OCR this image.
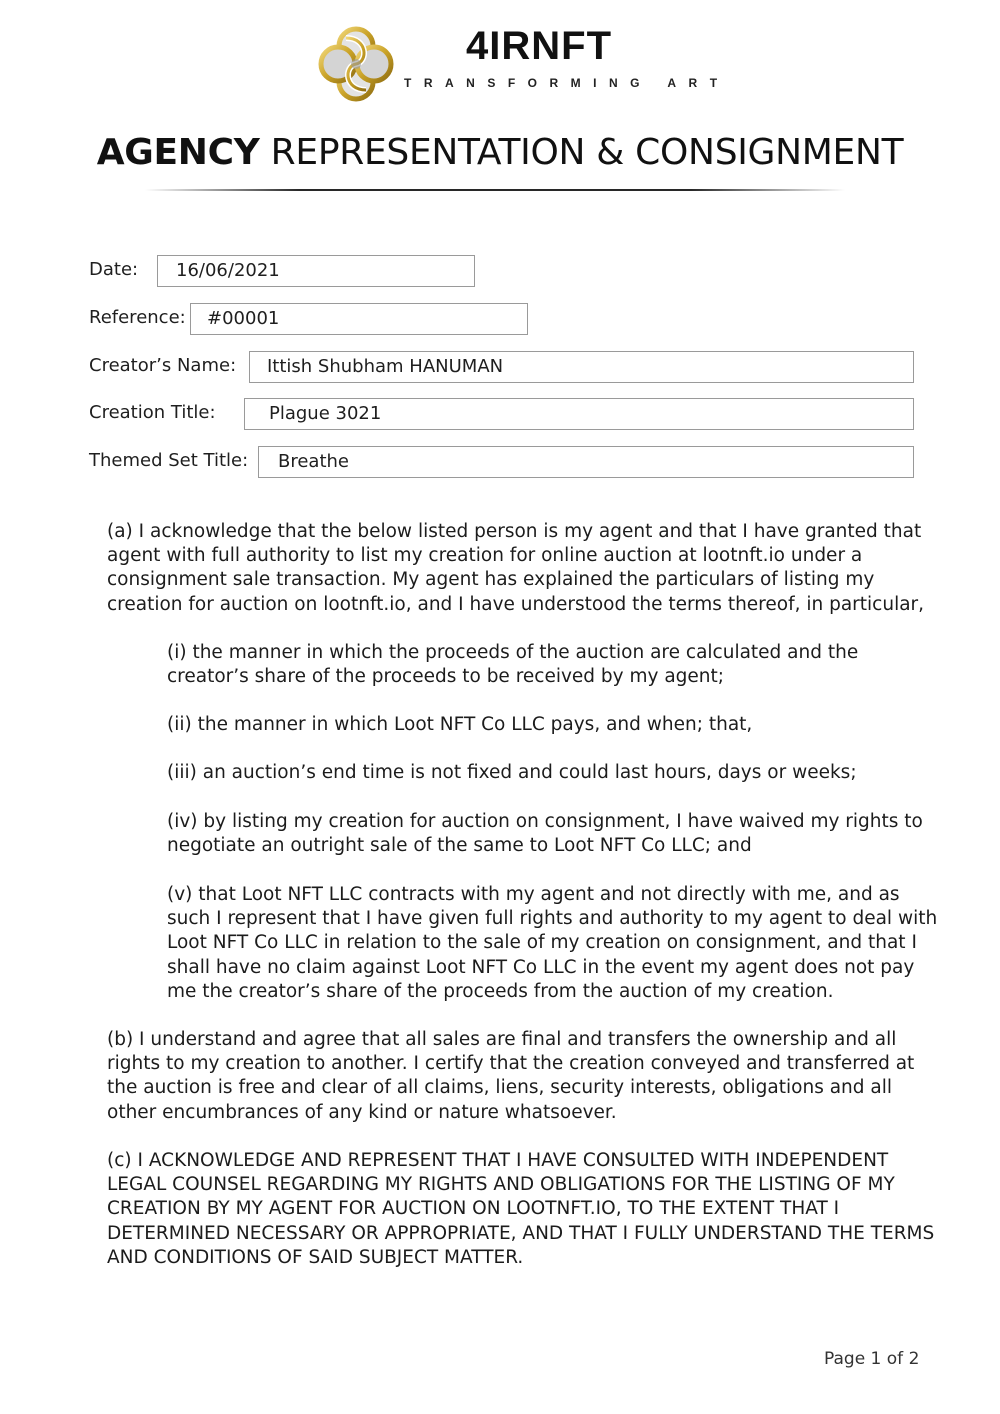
4IRNFT
TRANSFORMING ART
AGENCY REPRESENTATION & CONSIGNMENT
Date:	16/06/2021
Reference:	#00001
Creator’s Name:	Ittish Shubham HANUMAN
Creation Title:	Plague 3021
Themed Set Title:	Breathe

(a) I acknowledge that the below listed person is my agent and that I have granted that agent with full authority to list my creation for online auction at lootnft.io under a consignment sale transaction. My agent has explained the particulars of listing my creation for auction on lootnft.io, and I have understood the terms thereof, in particular,

(i) the manner in which the proceeds of the auction are calculated and the creator’s share of the proceeds to be received by my agent;

(ii) the manner in which Loot NFT Co LLC pays, and when; that,

(iii) an auction’s end time is not fixed and could last hours, days or weeks;

(iv) by listing my creation for auction on consignment, I have waived my rights to negotiate an outright sale of the same to Loot NFT Co LLC; and

(v) that Loot NFT LLC contracts with my agent and not directly with me, and as such I represent that I have given full rights and authority to my agent to deal with Loot NFT Co LLC in relation to the sale of my creation on consignment, and that I shall have no claim against Loot NFT Co LLC in the event my agent does not pay me the creator’s share of the proceeds from the auction of my creation.

(b) I understand and agree that all sales are final and transfers the ownership and all rights to my creation to another. I certify that the creation conveyed and transferred at the auction is free and clear of all claims, liens, security interests, obligations and all other encumbrances of any kind or nature whatsoever.

(c) I ACKNOWLEDGE AND REPRESENT THAT I HAVE CONSULTED WITH INDEPENDENT LEGAL COUNSEL REGARDING MY RIGHTS AND OBLIGATIONS FOR THE LISTING OF MY CREATION BY MY AGENT FOR AUCTION ON LOOTNFT.IO, TO THE EXTENT THAT I DETERMINED NECESSARY OR APPROPRIATE, AND THAT I FULLY UNDERSTAND THE TERMS AND CONDITIONS OF SAID SUBJECT MATTER.

Page 1 of 2
